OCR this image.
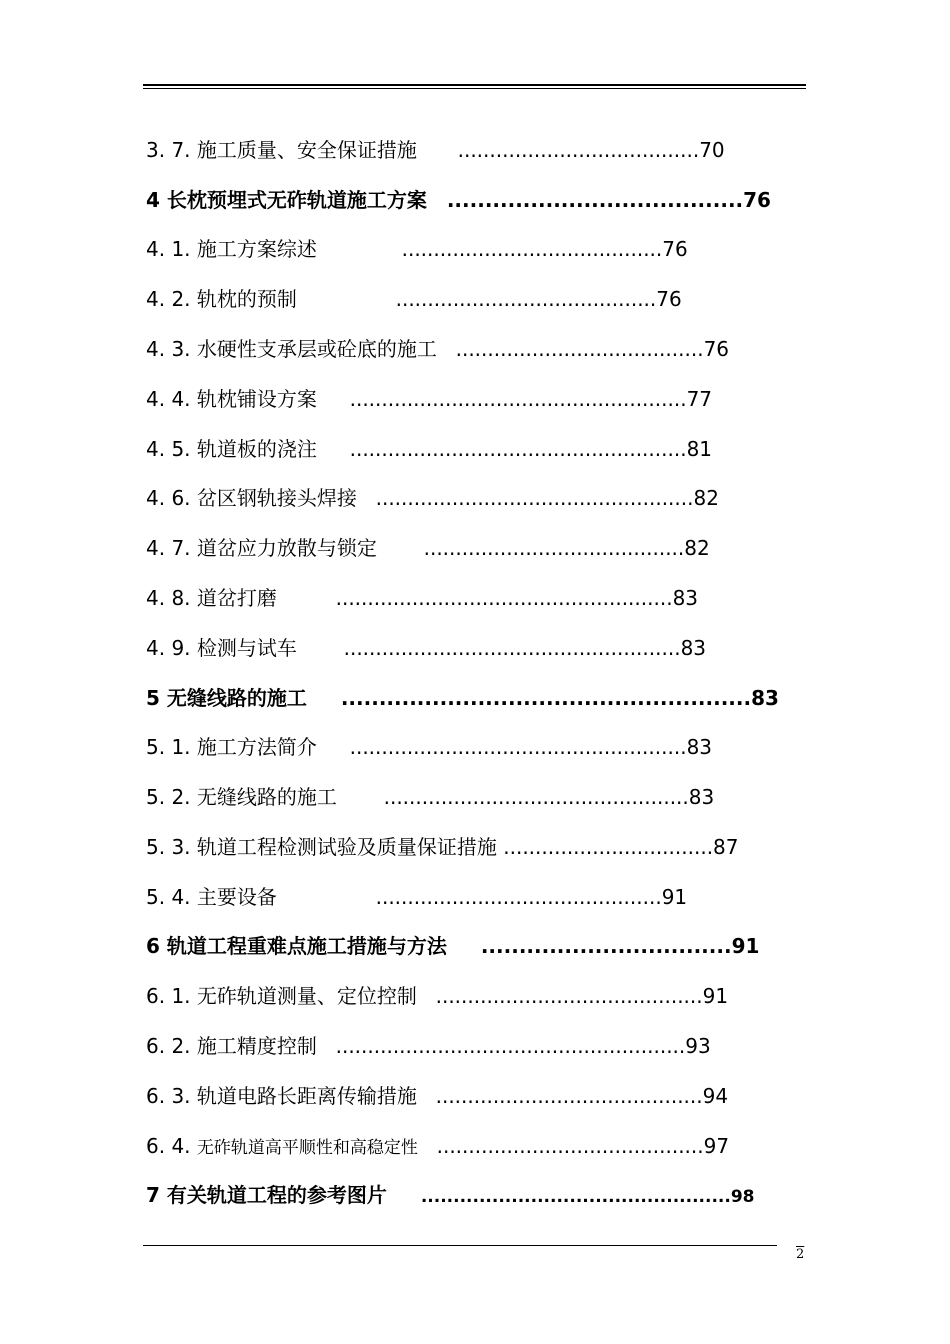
3. 7. 施工质量、安全保证措施 ......................................70
4 长枕预埋式无砟轨道施工方案 .......................................76
4. 1. 施工方案综述	.........................................76
4. 2. 轨枕的预制	.........................................76
4. 3. 水硬性支承层或砼底的施工 .......................................76
4. 4. 轨枕铺设方案 .....................................................77
4. 5. 轨道板的浇注 .....................................................81
4. 6. 岔区钢轨接头焊接 ..................................................82
4. 7. 道岔应力放散与锁定 .........................................82
4. 8. 道岔打磨	.....................................................83
4. 9. 检测与试车 .....................................................83
5 无缝线路的施工 ......................................................83
5. 1. 施工方法简介 .....................................................83
5. 2. 无缝线路的施工 ................................................83
5. 3. 轨道工程检测试验及质量保证措施 .................................87
5. 4. 主要设备	.............................................91
6 轨道工程重难点施工措施与方法 .................................91
6. 1. 无砟轨道测量、定位控制 ..........................................91
6. 2. 施工精度控制 .......................................................93
6. 3. 轨道电路长距离传输措施 ..........................................94
6. 4. 无砟轨道高平顺性和高稳定性 ..........................................97
7 有关轨道工程的参考图片 ................................................98
2
